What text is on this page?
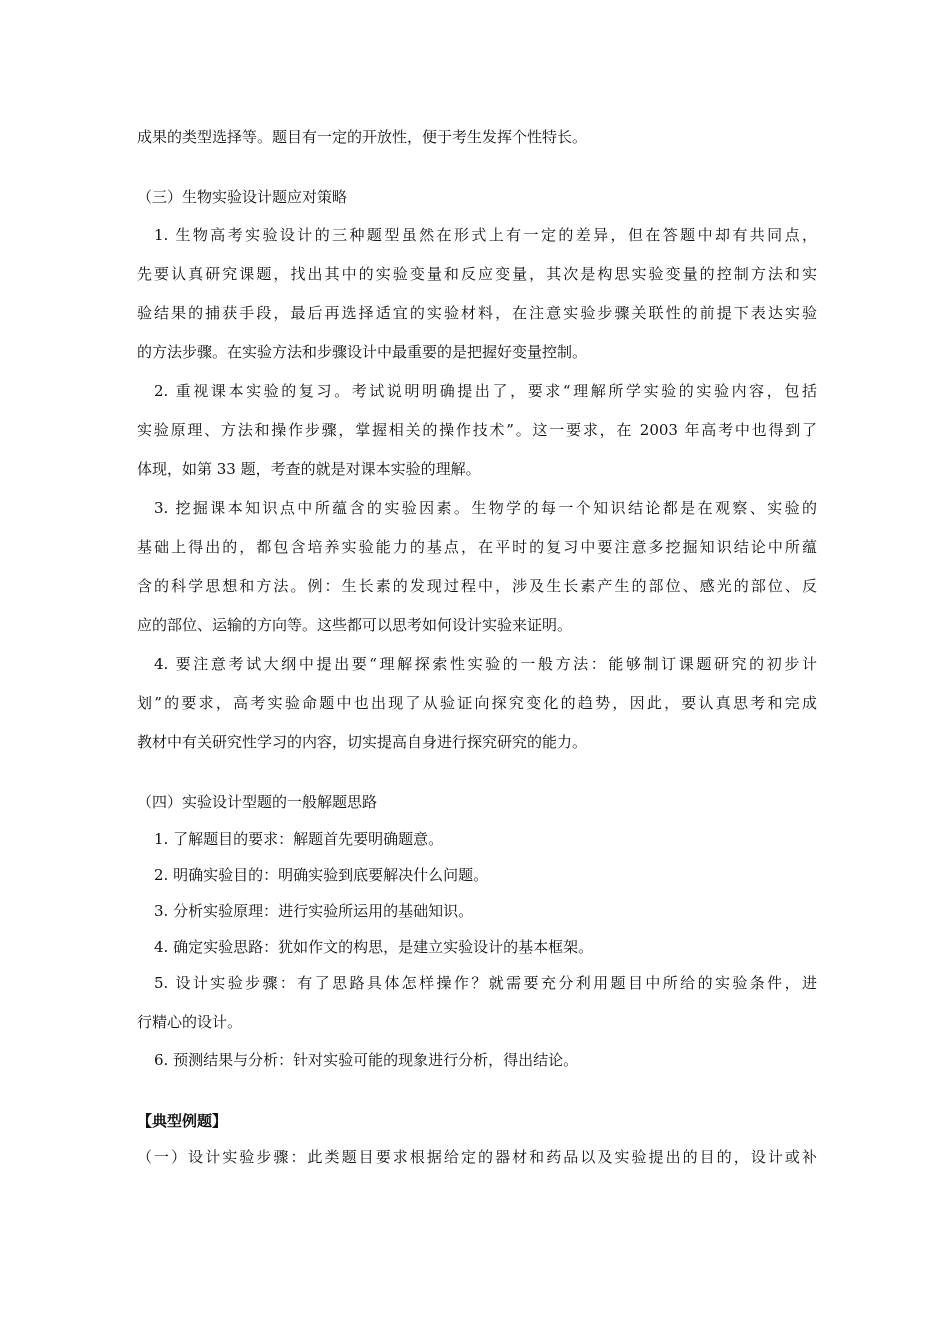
成果的类型选择等。题目有一定的开放性，便于考生发挥个性特长。
（三）生物实验设计题应对策略
1. 生物高考实验设计的三种题型虽然在形式上有一定的差异，但在答题中却有共同点，
先要认真研究课题，找出其中的实验变量和反应变量，其次是构思实验变量的控制方法和实
验结果的捕获手段，最后再选择适宜的实验材料，在注意实验步骤关联性的前提下表达实验
的方法步骤。在实验方法和步骤设计中最重要的是把握好变量控制。
2. 重视课本实验的复习。考试说明明确提出了，要求“理解所学实验的实验内容，包括
实验原理、方法和操作步骤，掌握相关的操作技术”。这一要求，在 2003 年高考中也得到了
体现，如第 33 题，考查的就是对课本实验的理解。
3. 挖掘课本知识点中所蕴含的实验因素。生物学的每一个知识结论都是在观察、实验的
基础上得出的，都包含培养实验能力的基点，在平时的复习中要注意多挖掘知识结论中所蕴
含的科学思想和方法。例：生长素的发现过程中，涉及生长素产生的部位、感光的部位、反
应的部位、运输的方向等。这些都可以思考如何设计实验来证明。
4. 要注意考试大纲中提出要“理解探索性实验的一般方法：能够制订课题研究的初步计
划”的要求，高考实验命题中也出现了从验证向探究变化的趋势，因此，要认真思考和完成
教材中有关研究性学习的内容，切实提高自身进行探究研究的能力。
（四）实验设计型题的一般解题思路
1. 了解题目的要求：解题首先要明确题意。
2. 明确实验目的：明确实验到底要解决什么问题。
3. 分析实验原理：进行实验所运用的基础知识。
4. 确定实验思路：犹如作文的构思，是建立实验设计的基本框架。
5. 设计实验步骤：有了思路具体怎样操作？就需要充分利用题目中所给的实验条件，进
行精心的设计。
6. 预测结果与分析：针对实验可能的现象进行分析，得出结论。
【典型例题】
（一）设计实验步骤：此类题目要求根据给定的器材和药品以及实验提出的目的，设计或补
